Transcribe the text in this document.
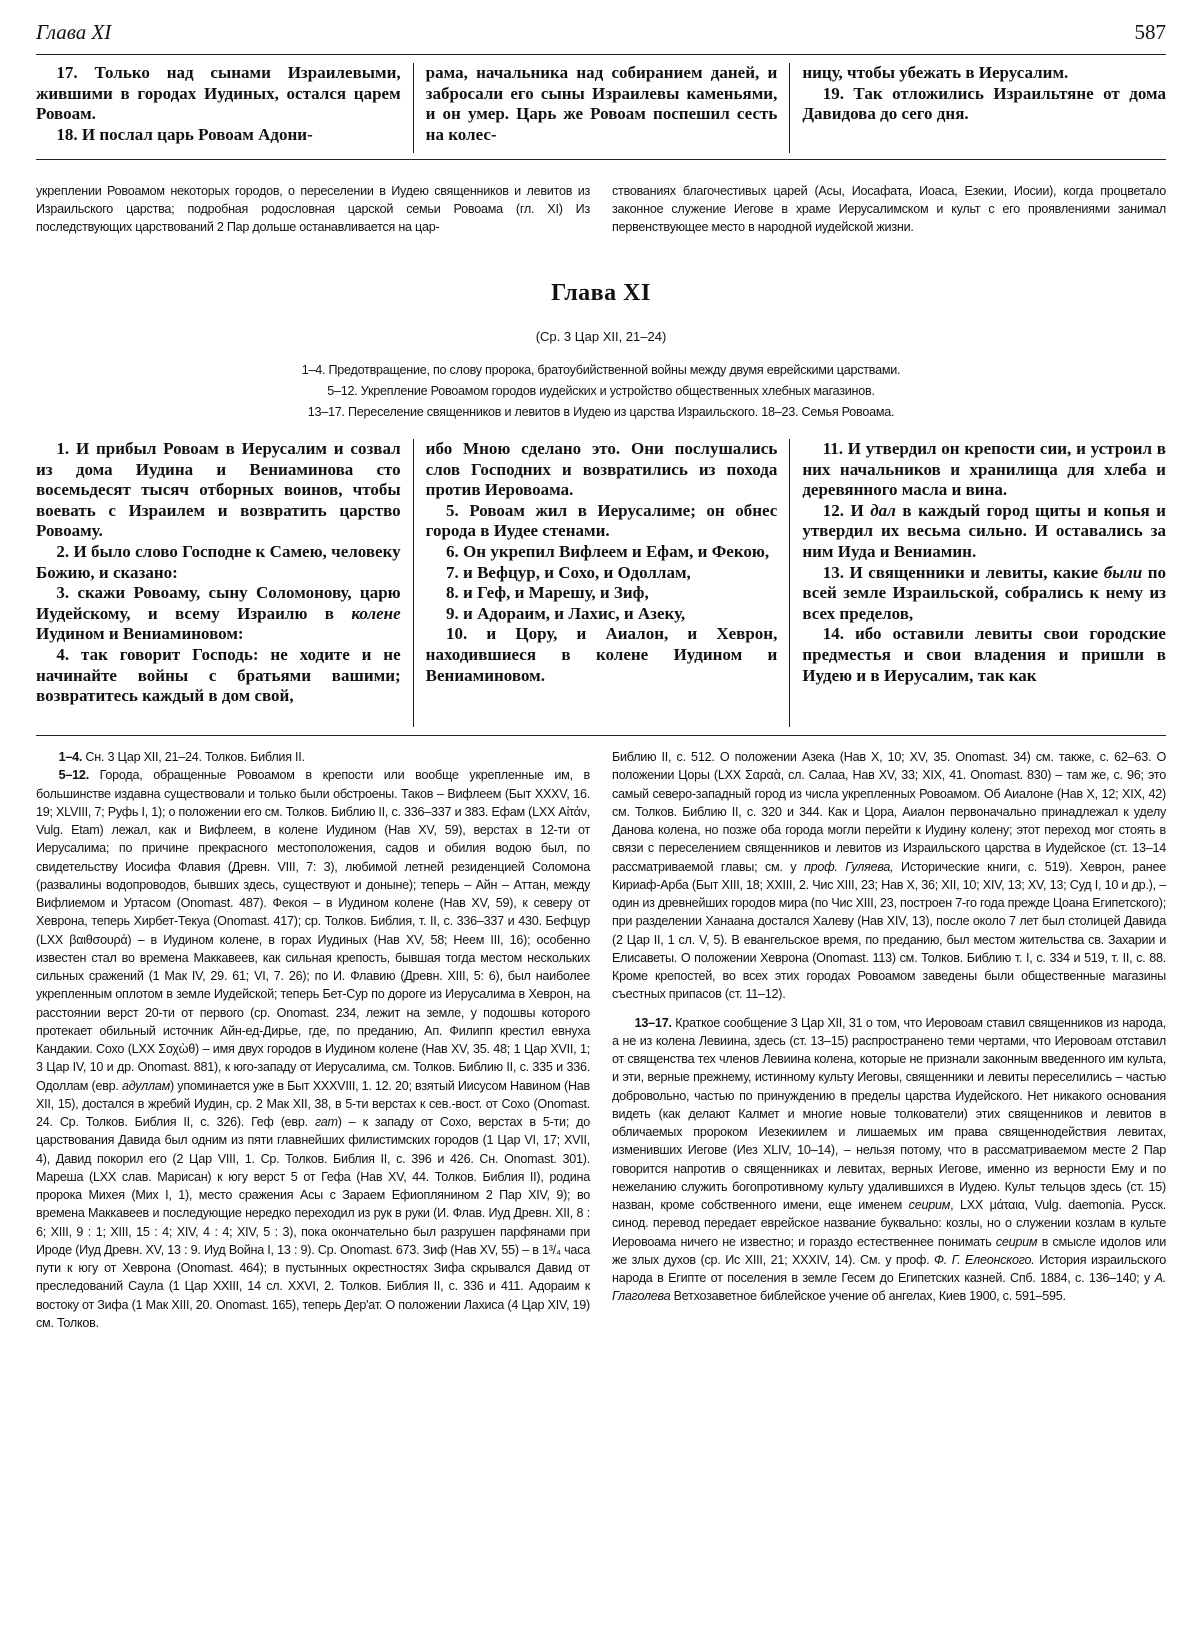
Глава XI	587

17. Только над сынами Израилевыми, жившими в городах Иудиных, остался царем Ровоам.

18. И послал царь Ровоам Адони-

рама, начальника над собиранием даней, и забросали его сыны Израилевы каменьями, и он умер. Царь же Ровоам поспешил сесть на колес-

ницу, чтобы убежать в Иерусалим.

19. Так отложились Израильтяне от дома Давидова до сего дня.

укреплении Ровоамом некоторых городов, о переселении в Иудею священников и левитов из Израильского царства; подробная родословная царской семьи Ровоама (гл. XI) Из последствующих царствований 2 Пар дольше останавливается на цар-

ствованиях благочестивых царей (Асы, Иосафата, Иоаса, Езекии, Иосии), когда процветало законное служение Иегове в храме Иерусалимском и культ с его проявлениями занимал первенствующее место в народной иудейской жизни.

Глава XI
(Ср. 3 Цар XII, 21–24)
1–4. Предотвращение, по слову пророка, братоубийственной войны между двумя еврейскими царствами.
5–12. Укрепление Ровоамом городов иудейских и устройство общественных хлебных магазинов.
13–17. Переселение священников и левитов в Иудею из царства Израильского. 18–23. Семья Ровоама.

1. И прибыл Ровоам в Иерусалим и созвал из дома Иудина и Вениаминова сто восемьдесят тысяч отборных воинов, чтобы воевать с Израилем и возвратить царство Ровоаму.

2. И было слово Господне к Самею, человеку Божию, и сказано:

3. скажи Ровоаму, сыну Соломонову, царю Иудейскому, и всему Израилю в колене Иудином и Вениаминовом:

4. так говорит Господь: не ходите и не начинайте войны с братьями вашими; возвратитесь каждый в дом свой,

ибо Мною сделано это. Они послушались слов Господних и возвратились из похода против Иеровоама.

5. Ровоам жил в Иерусалиме; он обнес города в Иудее стенами.

6. Он укрепил Вифлеем и Ефам, и Фекою,

7. и Вефцур, и Сохо, и Одоллам,

8. и Геф, и Марешу, и Зиф,

9. и Адораим, и Лахис, и Азеку,

10. и Цору, и Аиалон, и Хеврон, находившиеся в колене Иудином и Вениаминовом.

11. И утвердил он крепости сии, и устроил в них начальников и хранилища для хлеба и деревянного масла и вина.

12. И дал в каждый город щиты и копья и утвердил их весьма сильно. И оставались за ним Иуда и Вениамин.

13. И священники и левиты, какие были по всей земле Израильской, собрались к нему из всех пределов,

14. ибо оставили левиты свои городские предместья и свои владения и пришли в Иудею и в Иерусалим, так как

1–4. Сн. 3 Цар XII, 21–24. Толков. Библия II.

5–12. Города, обращенные Ровоамом в крепости или вообще укрепленные им, в большинстве издавна существовали и только были обстроены. Таков – Вифлеем (Быт XXXV, 16. 19; XLVIII, 7; Руфь I, 1); о положении его см. Толков. Библию II, с. 336–337 и 383. Ефам (LXX Αἰτάν, Vulg. Etam) лежал, как и Вифлеем, в колене Иудином (Нав XV, 59), верстах в 12-ти от Иерусалима; по причине прекрасного местоположения, садов и обилия водою был, по свидетельству Иосифа Флавия (Древн. VIII, 7: 3), любимой летней резиденцией Соломона (развалины водопроводов, бывших здесь, существуют и доныне); теперь – Айн – Аттан, между Вифлиемом и Уртасом (Onomast. 487). Фекоя – в Иудином колене (Нав XV, 59), к северу от Хеврона, теперь Хирбет-Текуа (Onomast. 417); ср. Толков. Библия, т. II, с. 336–337 и 430. Бефцур (LXX βαιθσουρά) – в Иудином колене, в горах Иудиных (Нав XV, 58; Неем III, 16); особенно известен стал во времена Маккавеев, как сильная крепость, бывшая тогда местом нескольких сильных сражений (1 Мак IV, 29. 61; VI, 7. 26); по И. Флавию (Древн. XIII, 5: 6), был наиболее укрепленным оплотом в земле Иудейской; теперь Бет-Сур по дороге из Иерусалима в Хеврон, на расстоянии верст 20-ти от первого (ср. Onomast. 234, лежит на земле, у подошвы которого протекает обильный источник Айн-ед-Дирье, где, по преданию, Ап. Филипп крестил евнуха Кандакии. Сохо (LXX Σοχὼθ) – имя двух городов в Иудином колене (Нав XV, 35. 48; 1 Цар XVII, 1; 3 Цар IV, 10 и др. Onomast. 881), к юго-западу от Иерусалима, см. Толков. Библию II, с. 335 и 336. Одоллам (евр. адуллам) упоминается уже в Быт XXXVIII, 1. 12. 20; взятый Иисусом Навином (Нав XII, 15), достался в жребий Иудин, ср. 2 Мак XII, 38, в 5-ти верстах к сев.-вост. от Сохо (Onomast. 24. Ср. Толков. Библия II, с. 326). Геф (евр. гат) – к западу от Сохо, верстах в 5-ти; до царствования Давида был одним из пяти главнейших филистимских городов (1 Цар VI, 17; XVII, 4), Давид покорил его (2 Цар VIII, 1. Ср. Толков. Библия II, с. 396 и 426. Сн. Onomast. 301). Мареша (LXX слав. Марисан) к югу верст 5 от Гефа (Нав XV, 44. Толков. Библия II), родина пророка Михея (Мих I, 1), место сражения Асы с Зараем Ефиоплянином 2 Пар XIV, 9); во времена Маккавеев и последующие нередко переходил из рук в руки (И. Флав. Иуд Древн. XII, 8 : 6; XIII, 9 : 1; XIII, 15 : 4; XIV, 4 : 4; XIV, 5 : 3), пока окончательно был разрушен парфянами при Ироде (Иуд Древн. XV, 13 : 9. Иуд Война I, 13 : 9). Ср. Onomast. 673. Зиф (Нав XV, 55) – в 1³/₄ часа пути к югу от Хеврона (Onomast. 464); в пустынных окрестностях Зифа скрывался Давид от преследований Саула (1 Цар XXIII, 14 сл. XXVI, 2. Толков. Библия II, с. 336 и 411. Адораим к востоку от Зифа (1 Мак XIII, 20. Onomast. 165), теперь Дер'ат. О положении Лахиса (4 Цар XIV, 19) см. Толков.

Библию II, с. 512. О положении Азека (Нав X, 10; XV, 35. Onomast. 34) см. также, с. 62–63. О положении Цоры (LXX Σαραὰ, сл. Салаа, Нав XV, 33; XIX, 41. Onomast. 830) – там же, с. 96; это самый северо-западный город из числа укрепленных Ровоамом. Об Аиалоне (Нав X, 12; XIX, 42) см. Толков. Библию II, с. 320 и 344. Как и Цора, Аиалон первоначально принадлежал к уделу Данова колена, но позже оба города могли перейти к Иудину колену; этот переход мог стоять в связи с переселением священников и левитов из Израильского царства в Иудейское (ст. 13–14 рассматриваемой главы; см. у проф. Гуляева, Исторические книги, с. 519). Хеврон, ранее Кириаф-Арба (Быт XIII, 18; XXIII, 2. Чис XIII, 23; Нав X, 36; XII, 10; XIV, 13; XV, 13; Суд I, 10 и др.), – один из древнейших городов мира (по Чис XIII, 23, построен 7-го года прежде Цоана Египетского); при разделении Ханаана достался Халеву (Нав XIV, 13), после около 7 лет был столицей Давида (2 Цар II, 1 сл. V, 5). В евангельское время, по преданию, был местом жительства св. Захарии и Елисаветы. О положении Хеврона (Onomast. 113) см. Толков. Библию т. I, с. 334 и 519, т. II, с. 88. Кроме крепостей, во всех этих городах Ровоамом заведены были общественные магазины съестных припасов (ст. 11–12).

13–17. Краткое сообщение 3 Цар XII, 31 о том, что Иеровоам ставил священников из народа, а не из колена Левиина, здесь (ст. 13–15) распространено теми чертами, что Иеровоам отставил от священства тех членов Левиина колена, которые не признали законным введенного им культа, и эти, верные прежнему, истинному культу Иеговы, священники и левиты переселились – частью добровольно, частью по принуждению в пределы царства Иудейского. Нет никакого основания видеть (как делают Калмет и многие новые толкователи) этих священников и левитов в обличаемых пророком Иезекиилем и лишаемых им права священнодействия левитах, изменивших Иегове (Иез XLIV, 10–14), – нельзя потому, что в рассматриваемом месте 2 Пар говорится напротив о священниках и левитах, верных Иегове, именно из верности Ему и по нежеланию служить богопротивному культу удалившихся в Иудею. Культ тельцов здесь (ст. 15) назван, кроме собственного имени, еще именем сеирим, LXX μάταια, Vulg. daemonia. Русск. синод. перевод передает еврейское название буквально: козлы, но о служении козлам в культе Иеровоама ничего не известно; и гораздо естественнее понимать сеирим в смысле идолов или же злых духов (ср. Ис XIII, 21; XXXIV, 14). См. у проф. Ф. Г. Елеонского. История израильского народа в Египте от поселения в земле Гесем до Египетских казней. Спб. 1884, с. 136–140; у А. Глаголева Ветхозаветное библейское учение об ангелах, Киев 1900, с. 591–595.
